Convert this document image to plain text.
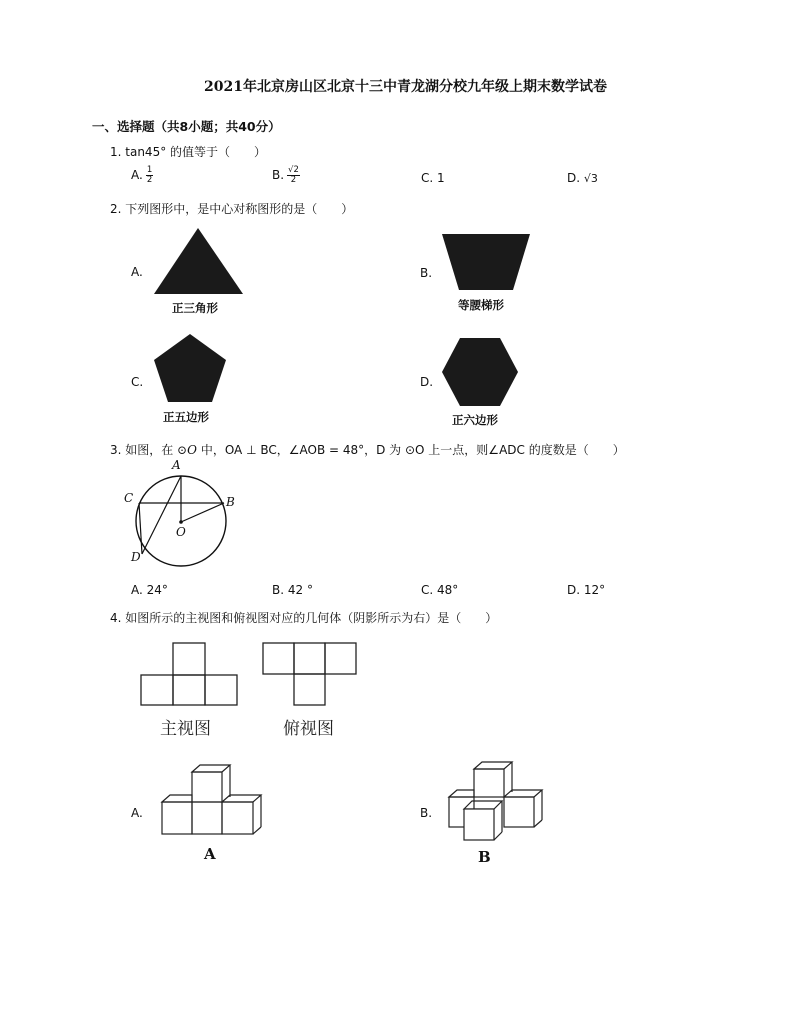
2021年北京房山区北京十三中青龙湖分校九年级上期末数学试卷
一、选择题（共8小题；共40分）
1. tan45° 的值等于（　　）
A. $\frac{1}{2}$	B. $\frac{√2}{2}$	C. 1	D. √3
2. 下列图形中，是中心对称图形的是（　　）
A.
正三角形
B.
等腰梯形
C.
正五边形
D.
正六边形
3. 如图，在 ⊙O 中，OA ⊥ BC，∠AOB = 48°，D 为 ⊙O 上一点，则∠ADC 的度数是（　　）
A
B
C
D
O
A. 24°	B. 42 °	C. 48°	D. 12°
4. 如图所示的主视图和俯视图对应的几何体（阴影所示为右）是（　　）
主视图	俯视图
A.
A
B.
B
